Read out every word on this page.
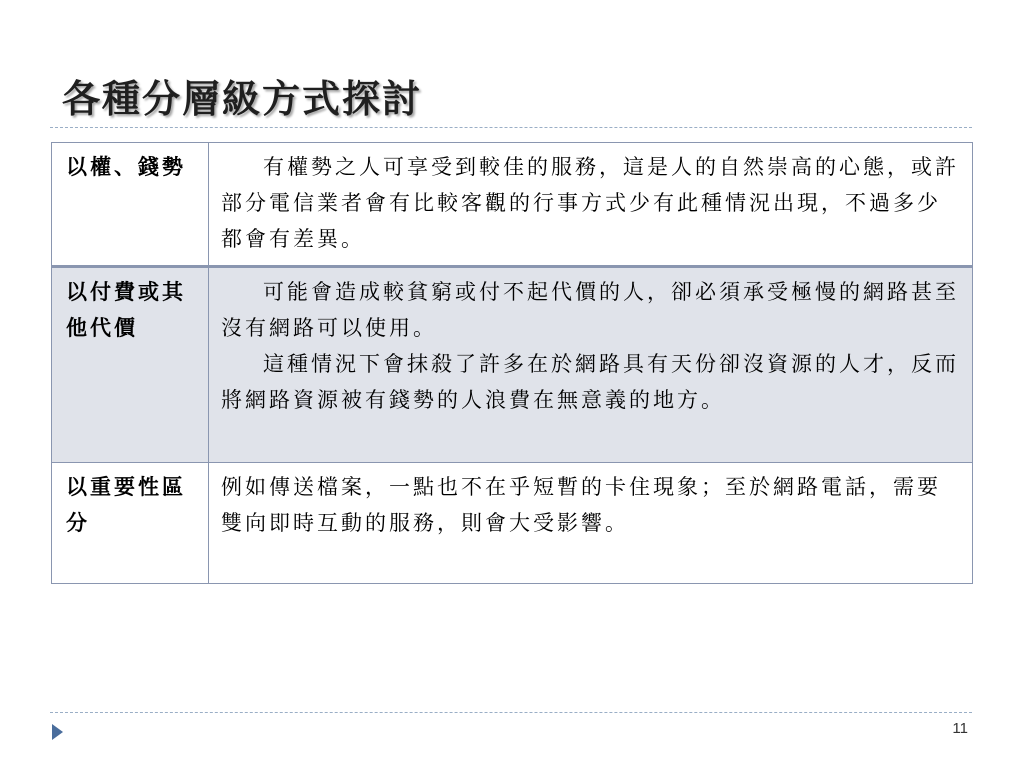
各種分層級方式探討
以權、錢勢	有權勢之人可享受到較佳的服務，這是人的自然崇高的心態，或許部分電信業者會有比較客觀的行事方式少有此種情況出現，不過多少都會有差異。

以付費或其他代價	可能會造成較貧窮或付不起代價的人，卻必須承受極慢的網路甚至沒有網路可以使用。
這種情況下會抹殺了許多在於網路具有天份卻沒資源的人才，反而將網路資源被有錢勢的人浪費在無意義的地方。

以重要性區分	例如傳送檔案，一點也不在乎短暫的卡住現象；至於網路電話，需要雙向即時互動的服務，則會大受影響。
11
